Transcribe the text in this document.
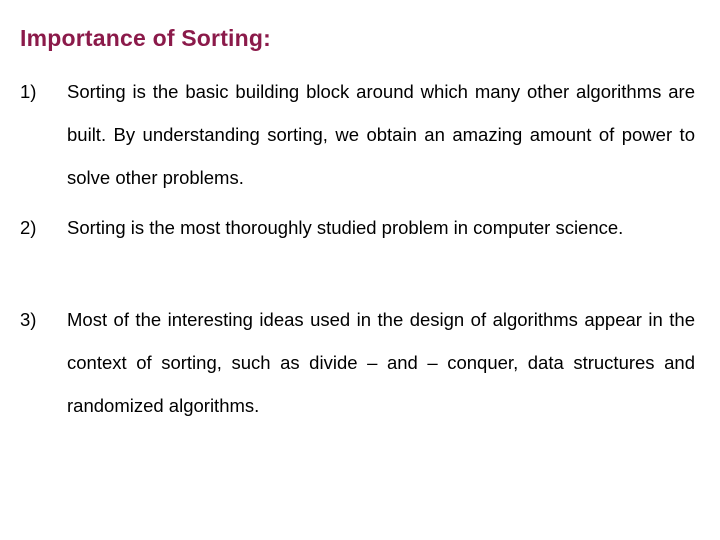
Importance of Sorting:
1)	Sorting is the basic building block around which many other algorithms are built. By understanding sorting, we obtain an amazing amount of power to solve other problems.
2)	Sorting is the most thoroughly studied problem in computer science.
3)	Most of the interesting ideas used in the design of algorithms appear in the context of sorting, such as divide – and – conquer, data structures and randomized algorithms.
